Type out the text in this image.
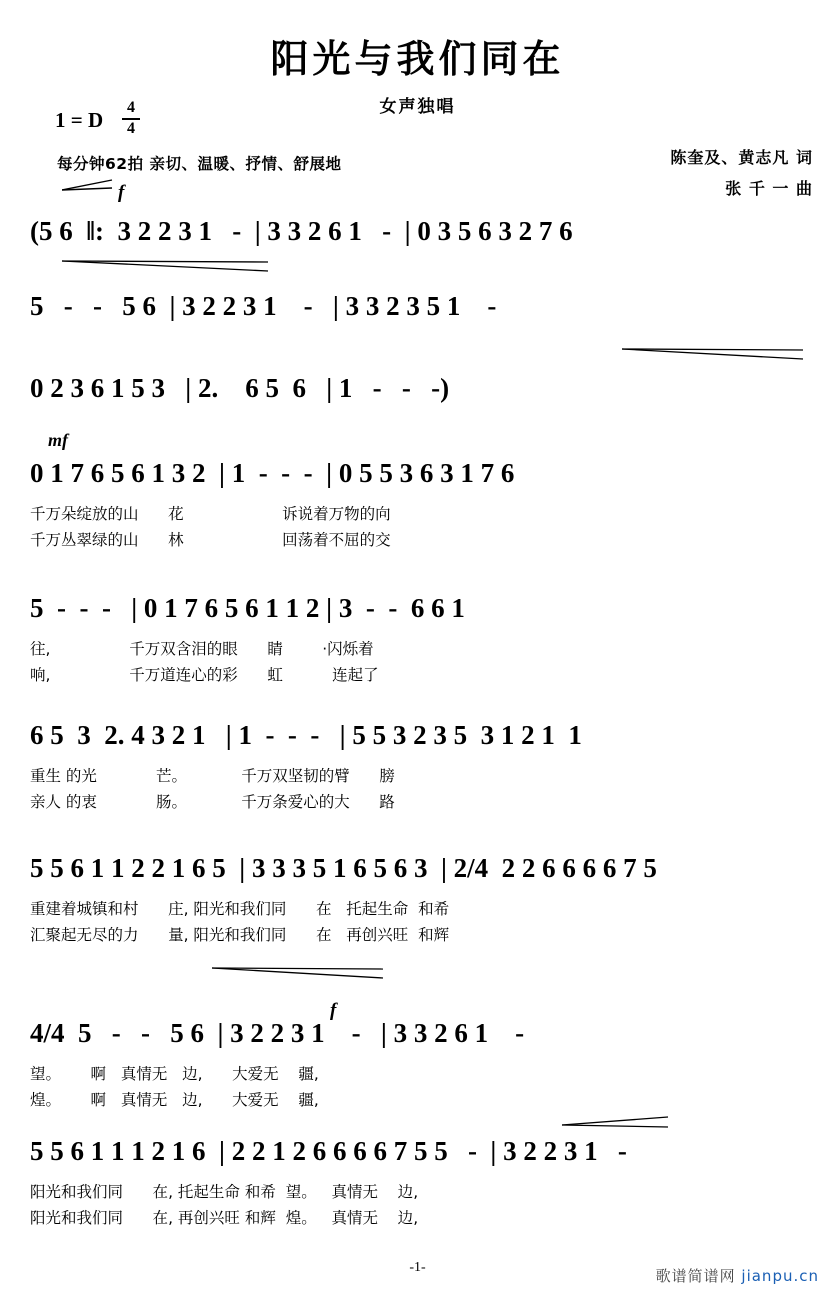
阳光与我们同在
女声独唱
1 = D
4
4
每分钟62拍 亲切、温暖、抒情、舒展地	陈奎及、黄志凡 词
张 千 一 曲
f
(5 6  ‖:  3 2 2 3 1   -  | 3 3 2 6 1   -  | 0 3 5 6 3 2 7 6
5   -   -   5 6  | 3 2 2 3 1    -   | 3 3 2 3 5 1    -
0 2 3 6 1 5 3   | 2.    6 5  6   | 1   -   -   -)
mf
0 1 7 6 5 6 1 3 2  | 1  -  -  -  | 0 5 5 3 6 3 1 7 6
千万朵绽放的山      花                    诉说着万物的向
千万丛翠绿的山      林                    回荡着不屈的交
5  -  -  -   | 0 1 7 6 5 6 1 1 2 | 3  -  -  6 6 1
往,                千万双含泪的眼      睛        ·闪烁着
响,                千万道连心的彩      虹          连起了
6 5  3  2. 4 3 2 1   | 1  -  -  -   | 5 5 3 2 3 5  3 1 2 1  1
重生 的光            芒。           千万双坚韧的臂      膀
亲人 的衷            肠。           千万条爱心的大      路
5 5 6 1 1 2 2 1 6 5  | 3 3 3 5 1 6 5 6 3  | 2/4  2 2 6 6 6 6 7 5
重建着城镇和村      庄, 阳光和我们同      在   托起生命  和希
汇聚起无尽的力      量, 阳光和我们同      在   再创兴旺  和辉
f
4/4  5   -   -   5 6  | 3 2 2 3 1    -   | 3 3 2 6 1    -
望。      啊   真情无   边,      大爱无    疆,
煌。      啊   真情无   边,      大爱无    疆,
5 5 6 1 1 1 2 1 6  | 2 2 1 2 6 6 6 6 7 5 5   -  | 3 2 2 3 1   -
阳光和我们同      在, 托起生命 和希  望。   真情无    边,
阳光和我们同      在, 再创兴旺 和辉  煌。   真情无    边,
-1-	歌谱简谱网 jianpu.cn
